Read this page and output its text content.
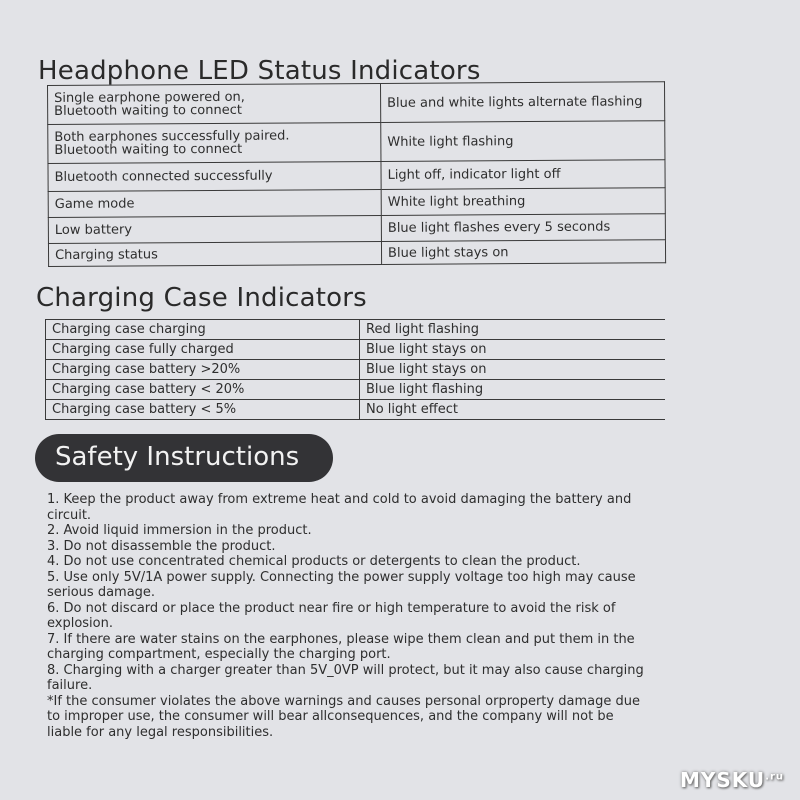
Headphone LED Status Indicators
Single earphone powered on,
Bluetooth waiting to connect	Blue and white lights alternate flashing

Both earphones successfully paired.
Bluetooth waiting to connect	White light flashing
Bluetooth connected successfully	Light off, indicator light off
Game mode	White light breathing
Low battery	Blue light flashes every 5 seconds
Charging status	Blue light stays on
Charging Case Indicators
Charging case charging	Red light flashing
Charging case fully charged	Blue light stays on
Charging case battery >20%	Blue light stays on
Charging case battery < 20%	Blue light flashing
Charging case battery < 5%	No light effect
Safety Instructions
1. Keep the product away from extreme heat and cold to avoid damaging the battery and
circuit.
2. Avoid liquid immersion in the product.
3. Do not disassemble the product.
4. Do not use concentrated chemical products or detergents to clean the product.
5. Use only 5V/1A power supply. Connecting the power supply voltage too high may cause
serious damage.
6. Do not discard or place the product near fire or high temperature to avoid the risk of
explosion.
7. If there are water stains on the earphones, please wipe them clean and put them in the
charging compartment, especially the charging port.
8. Charging with a charger greater than 5V_0VP will protect, but it may also cause charging
failure.
*If the consumer violates the above warnings and causes personal orproperty damage due
to improper use, the consumer will bear allconsequences, and the company will not be
liable for any legal responsibilities.
$MYSKU^{.ru}$
